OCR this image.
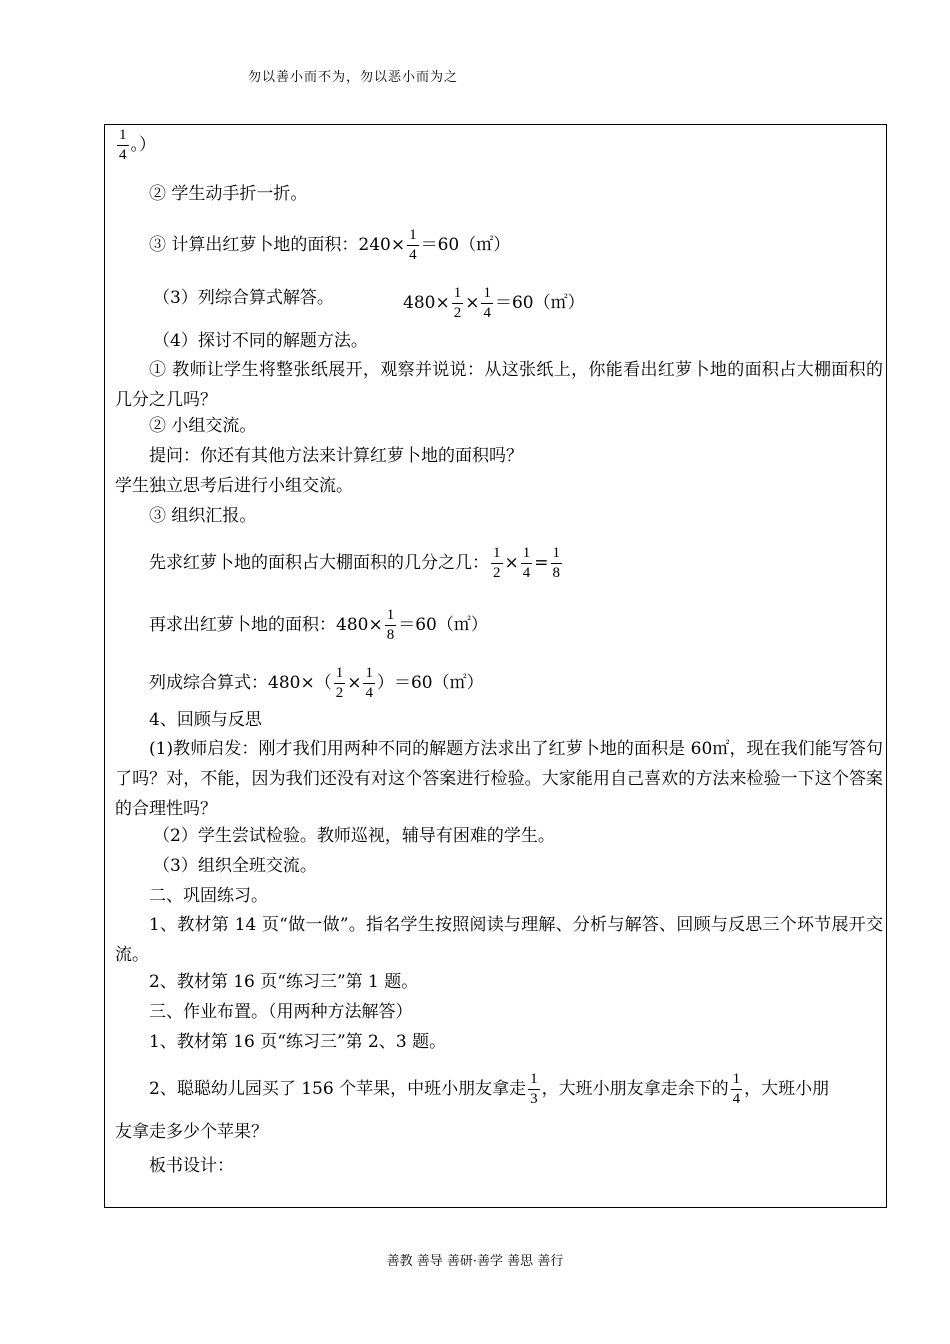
勿以善小而不为，勿以恶小而为之
$\frac{1}{4}$ 。）
② 学生动手折一折。
③ 计算出红萝卜地的面积：$240\times \frac{1}{4}$ ＝60（㎡）
（3）列综合算式解答。	$480\times \frac{1}{2} \times \frac{1}{4}$ ＝60（㎡）
（4）探讨不同的解题方法。
① 教师让学生将整张纸展开，观察并说说：从这张纸上，你能看出红萝卜地的面积占大棚面积的几分之几吗？
② 小组交流。
提问：你还有其他方法来计算红萝卜地的面积吗？
学生独立思考后进行小组交流。
③ 组织汇报。
先求红萝卜地的面积占大棚面积的几分之几： $\frac{1}{2} \times \frac{1}{4} = \frac{1}{8}$
再求出红萝卜地的面积：$480\times \frac{1}{8}$ ＝60（㎡）
列成综合算式：$480\times( \frac{1}{2} \times \frac{1}{4}$ ）＝60（㎡）
4、回顾与反思
(1)教师启发：刚才我们用两种不同的解题方法求出了红萝卜地的面积是 60㎡，现在我们能写答句了吗？对，不能，因为我们还没有对这个答案进行检验。大家能用自己喜欢的方法来检验一下这个答案的合理性吗？
（2）学生尝试检验。教师巡视，辅导有困难的学生。
（3）组织全班交流。
二、巩固练习。
1、教材第 14 页“做一做”。指名学生按照阅读与理解、分析与解答、回顾与反思三个环节展开交流。
2、教材第 16 页“练习三”第 1 题。
三、作业布置。（用两种方法解答）
1、教材第 16 页“练习三”第 2、3 题。
2、聪聪幼儿园买了 156 个苹果，中班小朋友拿走 $\frac{1}{3}$ ，大班小朋友拿走余下的 $\frac{1}{4}$ ，大班小朋
友拿走多少个苹果？
板书设计：
善教 善导 善研·善学 善思 善行
